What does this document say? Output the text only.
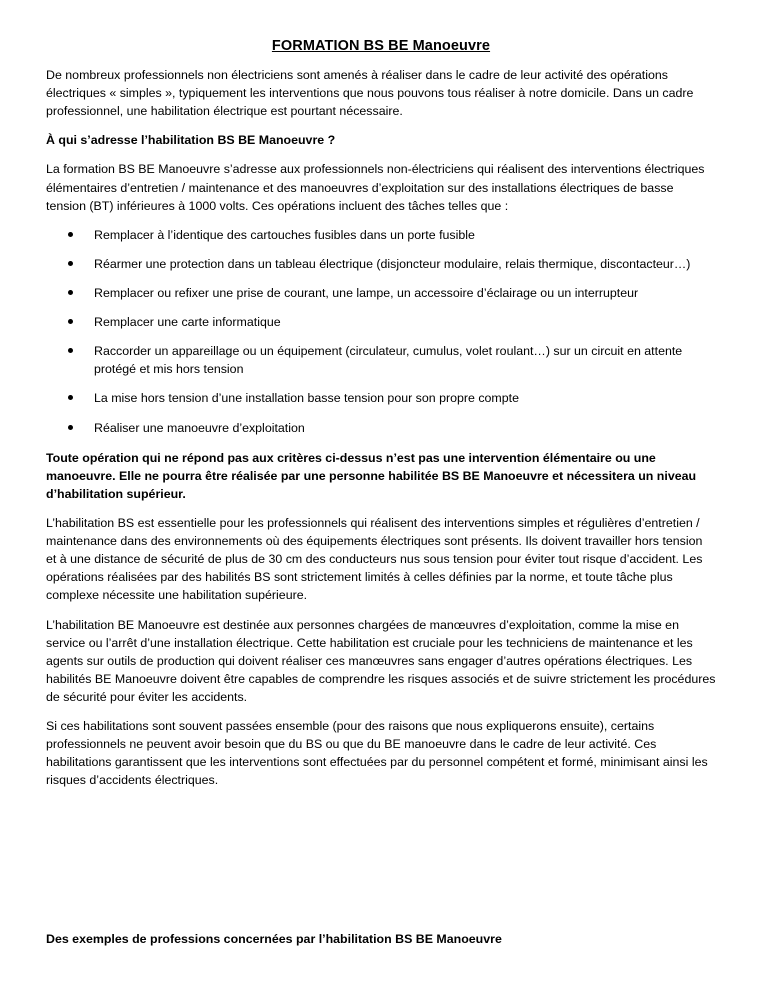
FORMATION BS BE Manoeuvre

De nombreux professionnels non électriciens sont amenés à réaliser dans le cadre de leur activité des opérations électriques « simples », typiquement les interventions que nous pouvons tous réaliser à notre domicile. Dans un cadre professionnel, une habilitation électrique est pourtant nécessaire.

À qui s’adresse l’habilitation BS BE Manoeuvre ?

La formation BS BE Manoeuvre s’adresse aux professionnels non-électriciens qui réalisent des interventions électriques élémentaires d’entretien / maintenance et des manoeuvres d’exploitation sur des installations électriques de basse tension (BT) inférieures à 1000 volts. Ces opérations incluent des tâches telles que :

Remplacer à l’identique des cartouches fusibles dans un porte fusible
Réarmer une protection dans un tableau électrique (disjoncteur modulaire, relais thermique, discontacteur…)
Remplacer ou refixer une prise de courant, une lampe, un accessoire d’éclairage ou un interrupteur
Remplacer une carte informatique
Raccorder un appareillage ou un équipement (circulateur, cumulus, volet roulant…) sur un circuit en attente protégé et mis hors tension
La mise hors tension d’une installation basse tension pour son propre compte
Réaliser une manoeuvre d’exploitation

Toute opération qui ne répond pas aux critères ci-dessus n’est pas une intervention élémentaire ou une manoeuvre. Elle ne pourra être réalisée par une personne habilitée BS BE Manoeuvre et nécessitera un niveau d’habilitation supérieur.

L’habilitation BS est essentielle pour les professionnels qui réalisent des interventions simples et régulières d’entretien / maintenance dans des environnements où des équipements électriques sont présents. Ils doivent travailler hors tension et à une distance de sécurité de plus de 30 cm des conducteurs nus sous tension pour éviter tout risque d’accident. Les opérations réalisées par des habilités BS sont strictement limités à celles définies par la norme, et toute tâche plus complexe nécessite une habilitation supérieure.

L’habilitation BE Manoeuvre est destinée aux personnes chargées de manœuvres d’exploitation, comme la mise en service ou l’arrêt d’une installation électrique. Cette habilitation est cruciale pour les techniciens de maintenance et les agents sur outils de production qui doivent réaliser ces manœuvres sans engager d’autres opérations électriques. Les habilités BE Manoeuvre doivent être capables de comprendre les risques associés et de suivre strictement les procédures de sécurité pour éviter les accidents.

Si ces habilitations sont souvent passées ensemble (pour des raisons que nous expliquerons ensuite), certains professionnels ne peuvent avoir besoin que du BS ou que du BE manoeuvre dans le cadre de leur activité. Ces habilitations garantissent que les interventions sont effectuées par du personnel compétent et formé, minimisant ainsi les risques d’accidents électriques.

Des exemples de professions concernées par l’habilitation BS BE Manoeuvre
